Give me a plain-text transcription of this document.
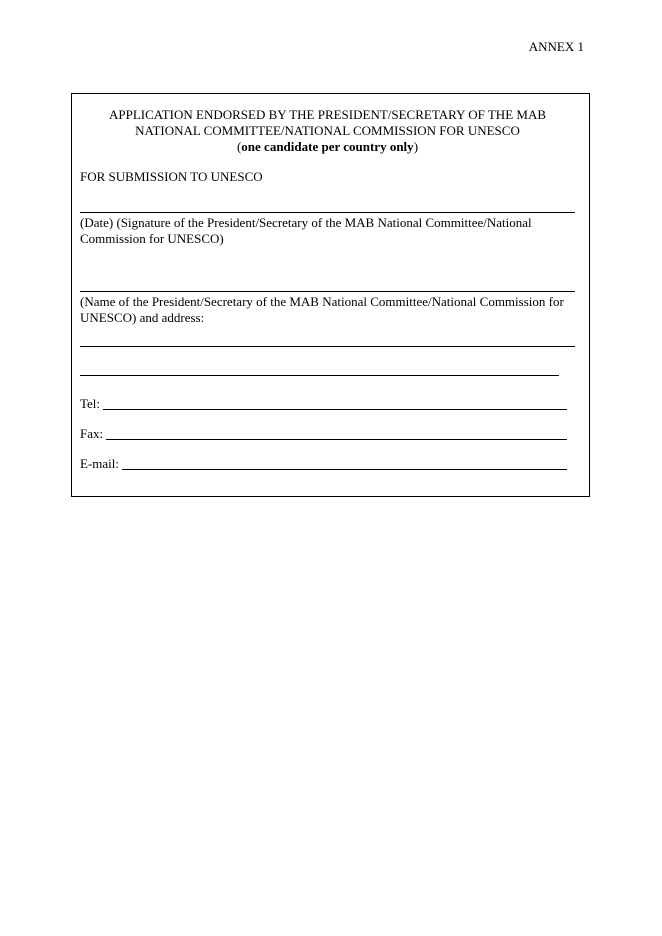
ANNEX 1
APPLICATION ENDORSED BY THE PRESIDENT/SECRETARY OF THE MAB
NATIONAL COMMITTEE/NATIONAL COMMISSION FOR UNESCO
(one candidate per country only)
FOR SUBMISSION TO UNESCO
(Date) (Signature of the President/Secretary of the MAB National Committee/National Commission for UNESCO)
(Name of the President/Secretary of the MAB National Committee/National Commission for UNESCO) and address:
Tel:
Fax:
E-mail:
